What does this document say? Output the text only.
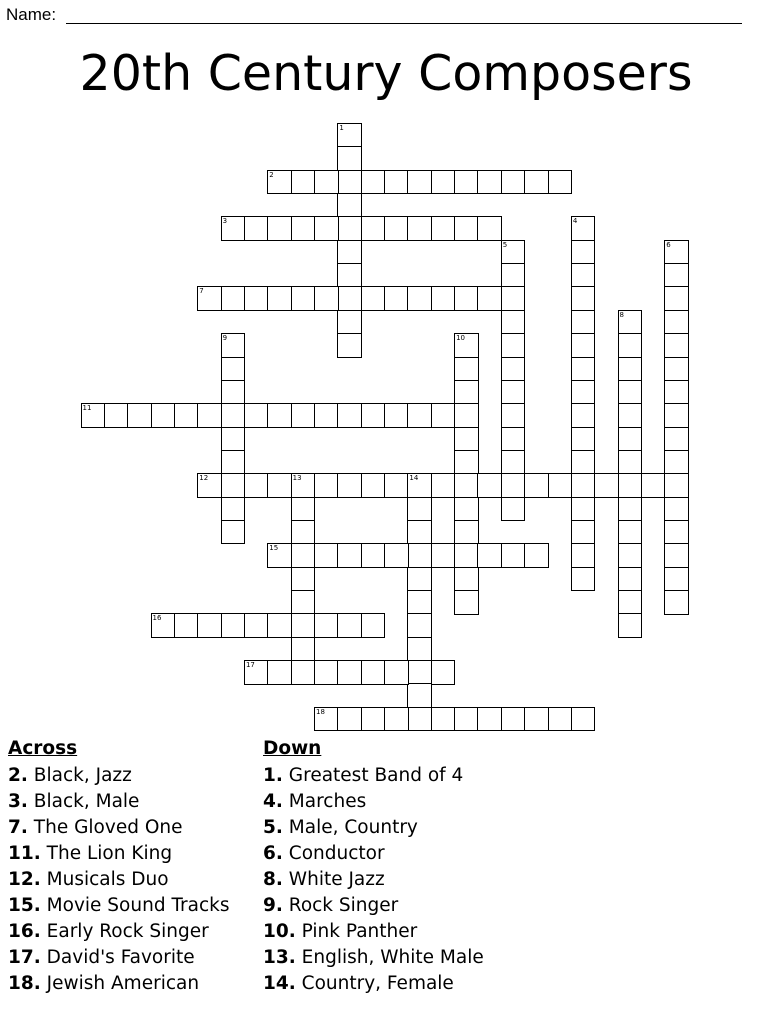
Name:
20th Century Composers
1
2
3	4
5	6
7
8
9	10
11
12	13	14
15
16
17
18
Across
2. Black, Jazz
3. Black, Male
7. The Gloved One
11. The Lion King
12. Musicals Duo
15. Movie Sound Tracks
16. Early Rock Singer
17. David's Favorite
18. Jewish American
Down
1. Greatest Band of 4
4. Marches
5. Male, Country
6. Conductor
8. White Jazz
9. Rock Singer
10. Pink Panther
13. English, White Male
14. Country, Female
